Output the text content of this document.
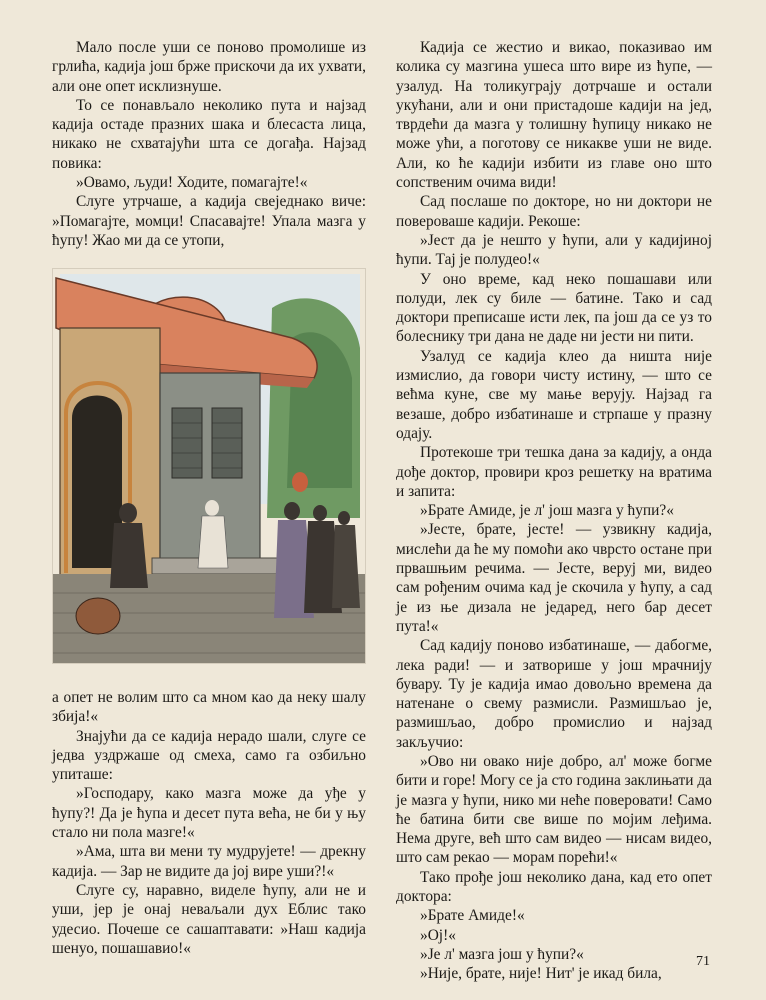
Мало после уши се поново промолише из грлића, кадија још брже прискочи да их ухвати, али оне опет исклизнуше.

То се понављало неколико пута и најзад кадија остаде празних шака и блесаста лица, никако не схватајући шта се догађа. Најзад повика:

»Овамо, људи! Ходите, помагајте!«

Слуге утрчаше, а кадија свеједнако виче: »Помагајте, момци! Спасавајте! Упала мазга у ћупу! Жао ми да се утопи,

а опет не волим што са мном као да неку шалу збија!«

Знајући да се кадија нерадо шали, слуге се једва уздржаше од смеха, само га озбиљно упиташе:

»Господару, како мазга може да уђе у ћупу?! Да је ћупа и десет пута већа, не би у њу стало ни пола мазге!«

»Ама, шта ви мени ту мудрујете! — дрекну кадија. — Зар не видите да јој вире уши?!«

Слуге су, наравно, виделе ћупу, али не и уши, јер је онај неваљали дух Еблис тако удесио. Почеше се сашаптавати: »Наш кадија шенуо, пошашавио!«

Кадија се жестио и викао, показивао им колика су мазгина ушеса што вире из ћупе, — узалуд. На толикуграју дотрчаше и остали укућани, али и они пристадоше кадији на јед, тврдећи да мазга у толишну ћупицу никако не може ући, а поготову се никакве уши не виде. Али, ко ће кадији избити из главе оно што сопственим очима види!

Сад послаше по докторе, но ни доктори не поверовашe кадији. Рекоше:

»Јест да је нешто у ћупи, али у кадијиној ћупи. Тај је полудео!«

У оно време, кад неко пошашави или полуди, лек су биле — батине. Тако и сад доктори преписаше исти лек, па још да се уз то болеснику три дана не даде ни јести ни пити.

Узалуд се кадија клео да ништа није измислио, да говори чисту истину, — што се већма куне, све му мање верују. Најзад га везаше, добро избатинаше и стрпаше у празну одају.

Протекоше три тешка дана за кадију, а онда дође доктор, провири кроз решетку на вратима и запита:

»Брате Амиде, је л' још мазга у ћупи?«

»Јесте, брате, јесте! — узвикну кадија, мислећи да ће му помоћи ако чврсто остане при првашњим речима. — Јесте, веруј ми, видео сам рођеним очима кад је скочила у ћупу, а сад је из ње дизала не једаред, него бар десет пута!«

Сад кадију поново избатинаше, — дабогме, лека ради! — и затворише у још мрачнију бувару. Ту је кадија имао довољно времена да натенане о свему размисли. Размишљао је, размишљао, добро промислио и најзад закључио:

»Ово ни овако није добро, ал' може богме бити и горе! Могу се ја сто година заклињати да је мазга у ћупи, нико ми неће поверовати! Само ће батина бити све више по мојим леђима. Нема друге, већ што сам видео — нисам видео, што сам рекао — морам порећи!«

Тако прође још неколико дана, кад ето опет доктора:

»Брате Амиде!«

»Ој!«

»Је л' мазга још у ћупи?«

»Није, брате, није! Нит' је икад била,

71
